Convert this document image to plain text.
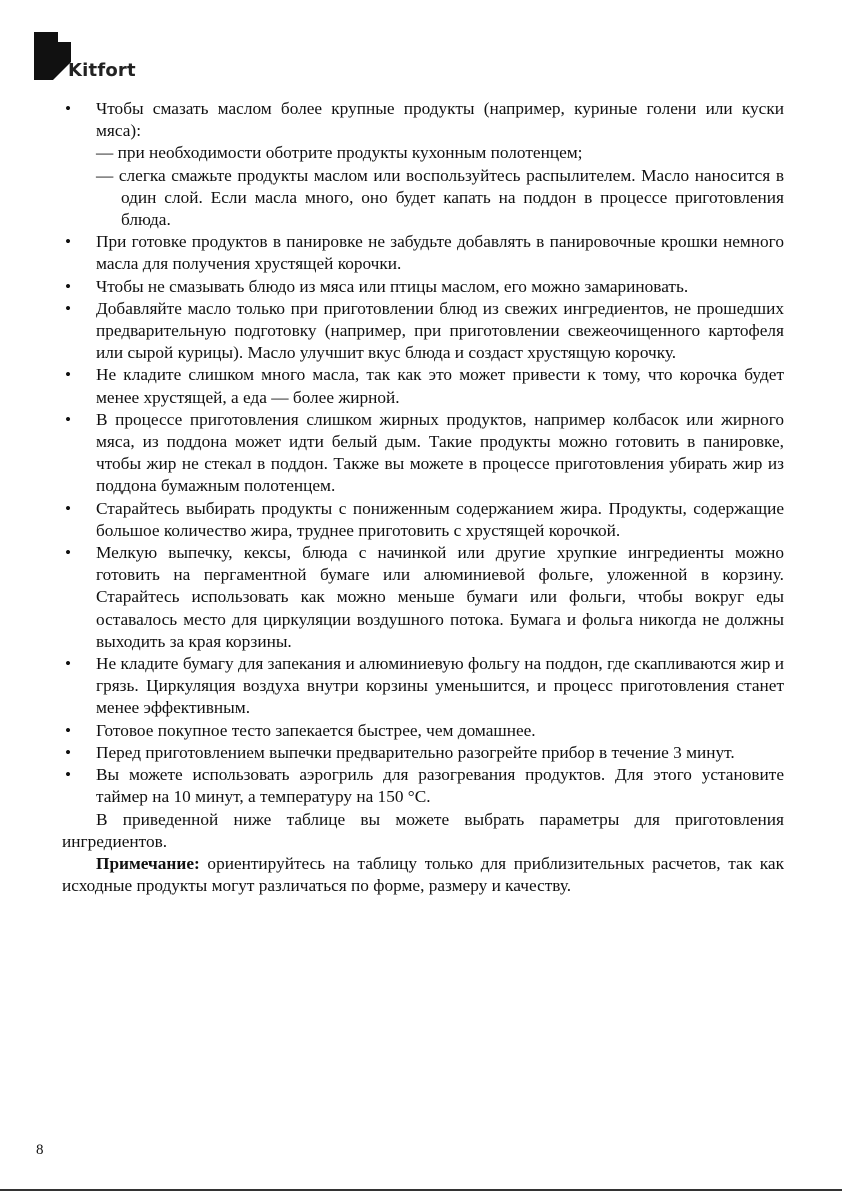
Kitfort
• Чтобы смазать маслом более крупные продукты (например, куриные голени или куски мяса):
— при необходимости оботрите продукты кухонным полотенцем;
— слегка смажьте продукты маслом или воспользуйтесь распылителем. Масло наносится в один слой. Если масла много, оно будет капать на поддон в процессе приготовления блюда.
• При готовке продуктов в панировке не забудьте добавлять в панировочные крошки немного масла для получения хрустящей корочки.
• Чтобы не смазывать блюдо из мяса или птицы маслом, его можно замариновать.
• Добавляйте масло только при приготовлении блюд из свежих ингредиентов, не прошедших предварительную подготовку (например, при приготовлении свежеочищенного картофеля или сырой курицы). Масло улучшит вкус блюда и создаст хрустящую корочку.
• Не кладите слишком много масла, так как это может привести к тому, что корочка будет менее хрустящей, а еда — более жирной.
• В процессе приготовления слишком жирных продуктов, например колбасок или жирного мяса, из поддона может идти белый дым. Такие продукты можно готовить в панировке, чтобы жир не стекал в поддон. Также вы можете в процессе приготовления убирать жир из поддона бумажным полотенцем.
• Старайтесь выбирать продукты с пониженным содержанием жира. Продукты, содержащие большое количество жира, труднее приготовить с хрустящей корочкой.
• Мелкую выпечку, кексы, блюда с начинкой или другие хрупкие ингредиенты можно готовить на пергаментной бумаге или алюминиевой фольге, уложенной в корзину. Старайтесь использовать как можно меньше бумаги или фольги, чтобы вокруг еды оставалось место для циркуляции воздушного потока. Бумага и фольга никогда не должны выходить за края корзины.
• Не кладите бумагу для запекания и алюминиевую фольгу на поддон, где скапливаются жир и грязь. Циркуляция воздуха внутри корзины уменьшится, и процесс приготовления станет менее эффективным.
• Готовое покупное тесто запекается быстрее, чем домашнее.
• Перед приготовлением выпечки предварительно разогрейте прибор в течение 3 минут.
• Вы можете использовать аэрогриль для разогревания продуктов. Для этого установите таймер на 10 минут, а температуру на 150 °C.
В приведенной ниже таблице вы можете выбрать параметры для приготовления ингредиентов.
Примечание: ориентируйтесь на таблицу только для приблизительных расчетов, так как исходные продукты могут различаться по форме, размеру и качеству.
8
